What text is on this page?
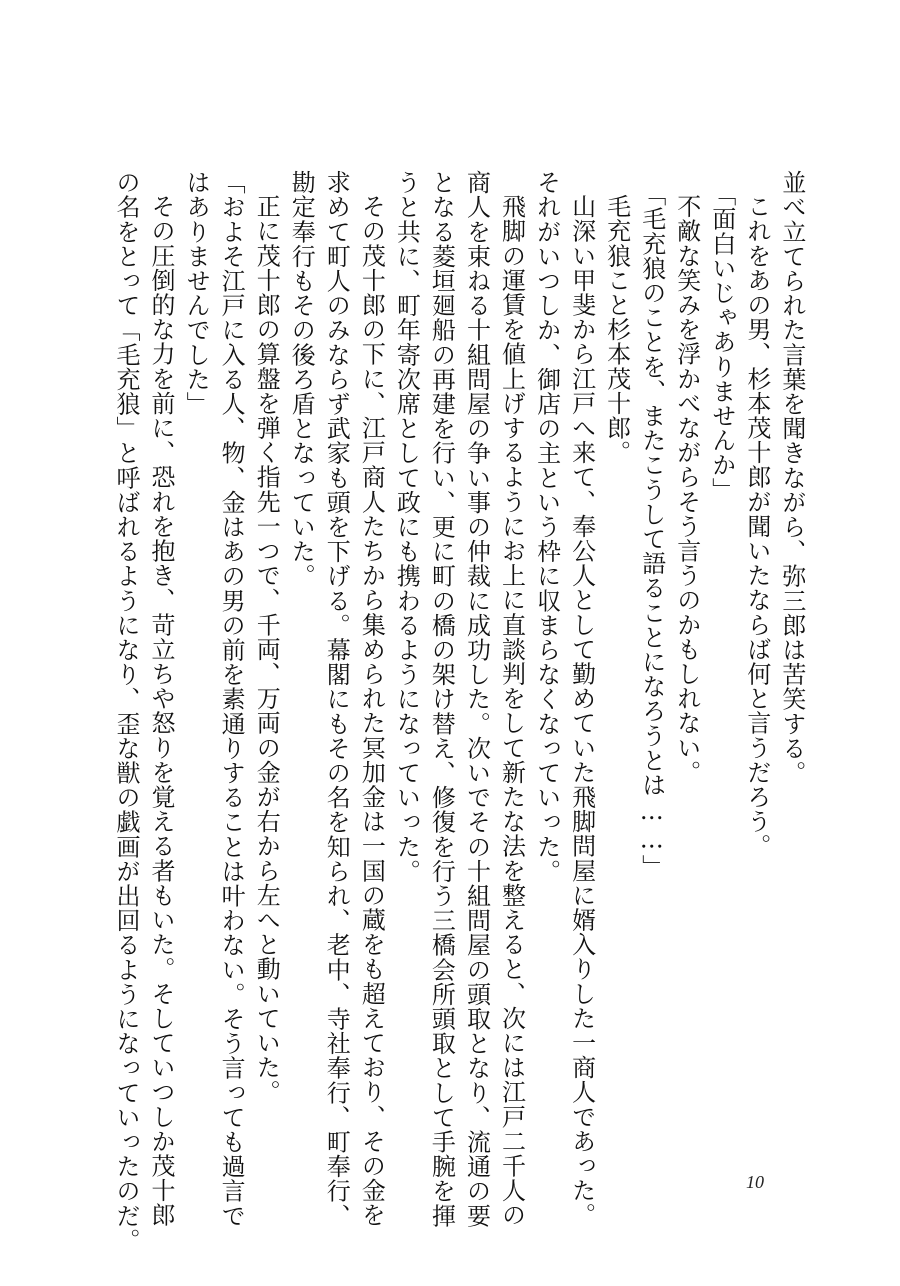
並べ立てられた言葉を聞きながら、弥三郎は苦笑する。
これをあの男、杉本茂十郎が聞いたならば何と言うだろう。
「面白いじゃありませんか」
不敵な笑みを浮かべながらそう言うのかもしれない。
「毛充狼のことを、またこうして語ることになろうとは……」
毛充狼こと杉本茂十郎。
山深い甲斐から江戸へ来て、奉公人として勤めていた飛脚問屋に婿入りした一商人であった。
それがいつしか、御店の主という枠に収まらなくなっていった。
飛脚の運賃を値上げするようにお上に直談判をして新たな法を整えると、次には江戸二千人の
商人を束ねる十組問屋の争い事の仲裁に成功した。次いでその十組問屋の頭取となり、流通の要
となる菱垣廻船の再建を行い、更に町の橋の架け替え、修復を行う三橋会所頭取として手腕を揮
うと共に、町年寄次席として政にも携わるようになっていった。
その茂十郎の下に、江戸商人たちから集められた冥加金は一国の蔵をも超えており、その金を
求めて町人のみならず武家も頭を下げる。幕閣にもその名を知られ、老中、寺社奉行、町奉行、
勘定奉行もその後ろ盾となっていた。
正に茂十郎の算盤を弾く指先一つで、千両、万両の金が右から左へと動いていた。
「およそ江戸に入る人、物、金はあの男の前を素通りすることは叶わない。そう言っても過言で
はありませんでした」
その圧倒的な力を前に、恐れを抱き、苛立ちや怒りを覚える者もいた。そしていつしか茂十郎
の名をとって「毛充狼」と呼ばれるようになり、歪な獣の戯画が出回るようになっていったのだ。	10
